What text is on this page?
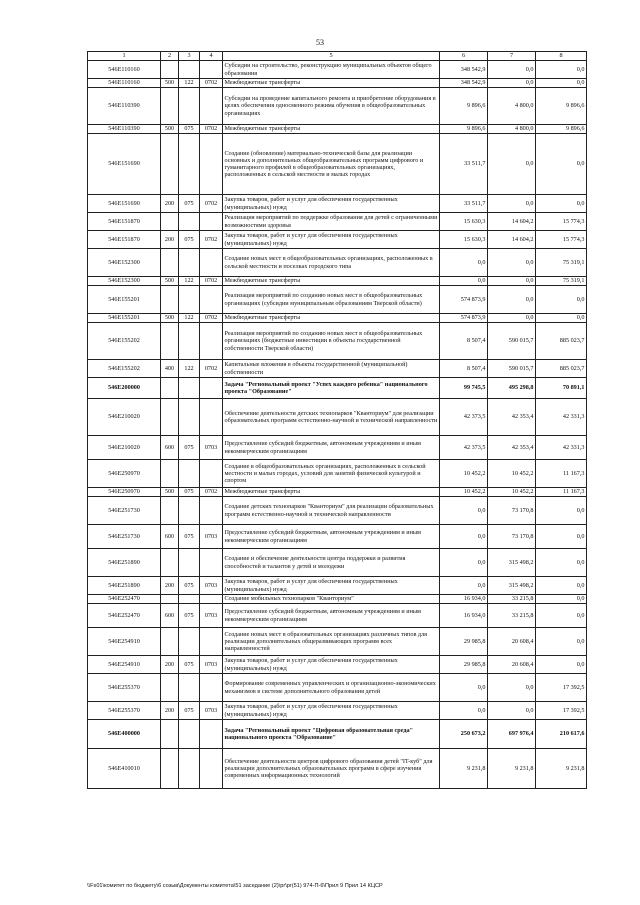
53
1	2	3	4	5	6	7	8
546E110160				Субсидии на строительство, реконструкцию муниципальных объектов общего образования	348 542,9	0,0	0,0
546E110160	500	122	0702	Межбюджетные трансферты	348 542,9	0,0	0,0
546E110390				Субсидии на проведение капитального ремонта и приобретение оборудования в целях обеспечения односменного режима обучения в общеобразовательных организациях	9 896,6	4 800,0	9 896,6
546E110390	500	075	0702	Межбюджетные трансферты	9 896,6	4 800,0	9 896,6
546E151690				Создание (обновление) материально-технической базы для реализации основных и дополнительных общеобразовательных программ цифрового и гуманитарного профилей в общеобразовательных организациях, расположенных в сельской местности и малых городах	33 511,7	0,0	0,0
546E151690	200	075	0702	Закупка товаров, работ и услуг для обеспечения государственных (муниципальных) нужд	33 511,7	0,0	0,0
546E151870				Реализация мероприятий по поддержке образования для детей с ограниченными возможностями здоровья	15 630,3	14 604,2	15 774,3
546E151870	200	075	0702	Закупка товаров, работ и услуг для обеспечения государственных (муниципальных) нужд	15 630,3	14 604,2	15 774,3
546E152300				Создание новых мест в общеобразовательных организациях, расположенных в сельской местности и поселках городского типа	0,0	0,0	75 319,1
546E152300	500	122	0702	Межбюджетные трансферты	0,0	0,0	75 319,1
546E155201				Реализация мероприятий по созданию новых мест в общеобразовательных организациях (субсидии муниципальным образованиям Тверской области)	574 873,9	0,0	0,0
546E155201	500	122	0702	Межбюджетные трансферты	574 873,9	0,0	0,0
546E155202				Реализация мероприятий по созданию новых мест в общеобразовательных организациях (бюджетные инвестиции в объекты государственной собственности Тверской области)	8 507,4	590 015,7	885 023,7
546E155202	400	122	0702	Капитальные вложения в объекты государственной (муниципальной) собственности	8 507,4	590 015,7	885 023,7
546E200000				Задача "Региональный проект "Успех каждого ребенка" национального проекта "Образование"	99 745,5	495 298,8	70 891,1
546E210020				Обеспечение деятельности детских технопарков "Кванториум" для реализации образовательных программ естественно-научной и технической направленности	42 373,5	42 353,4	42 331,3
546E210020	600	075	0703	Предоставление субсидий бюджетным, автономным учреждениям и иным некоммерческим организациям	42 373,5	42 353,4	42 331,3
546E250970				Создание в общеобразовательных организациях, расположенных в сельской местности и малых городах, условий для занятий физической культурой и спортом	10 452,2	10 452,2	11 167,3
546E250970	500	075	0702	Межбюджетные трансферты	10 452,2	10 452,2	11 167,3
546E251730				Создание детских технопарков "Кванториум" для реализации образовательных программ естественно-научной и технической направленности	0,0	73 170,8	0,0
546E251730	600	075	0703	Предоставление субсидий бюджетным, автономным учреждениям и иным некоммерческим организациям	0,0	73 170,8	0,0
546E251890				Создание и обеспечение деятельности центра поддержки и развития способностей и талантов у детей и молодежи	0,0	315 498,2	0,0
546E251890	200	075	0703	Закупка товаров, работ и услуг для обеспечения государственных (муниципальных) нужд	0,0	315 498,2	0,0
546E252470				Создание мобильных технопарков "Кванториум"	16 934,0	33 215,8	0,0
546E252470	600	075	0703	Предоставление субсидий бюджетным, автономным учреждениям и иным некоммерческим организациям	16 934,0	33 215,8	0,0
546E254910				Создание новых мест в образовательных организациях различных типов для реализации дополнительных общеразвивающих программ всех направленностей	29 985,8	20 608,4	0,0
546E254910	200	075	0703	Закупка товаров, работ и услуг для обеспечения государственных (муниципальных) нужд	29 985,8	20 608,4	0,0
546E255370				Формирование современных управленческих и организационно-экономических механизмов в системе дополнительного образования детей	0,0	0,0	17 392,5
546E255370	200	075	0703	Закупка товаров, работ и услуг для обеспечения государственных (муниципальных) нужд	0,0	0,0	17 392,5
546E400000				Задача "Региональный проект "Цифровая образовательная среда" национального проекта "Образование"	250 673,2	697 976,4	210 617,6
546E410010				Обеспечение деятельности центров цифрового образования детей "IT-куб" для реализации дополнительных образовательных программ в сфере изучения современных информационных технологий	9 231,8	9 231,8	9 231,8
\\Fs01\комитет по бюджету\6 созыв\Документы комитета\51 заседание (2)\pr\pr(51) 974-П-6\Прил 9 Прил 14 КЦСР
